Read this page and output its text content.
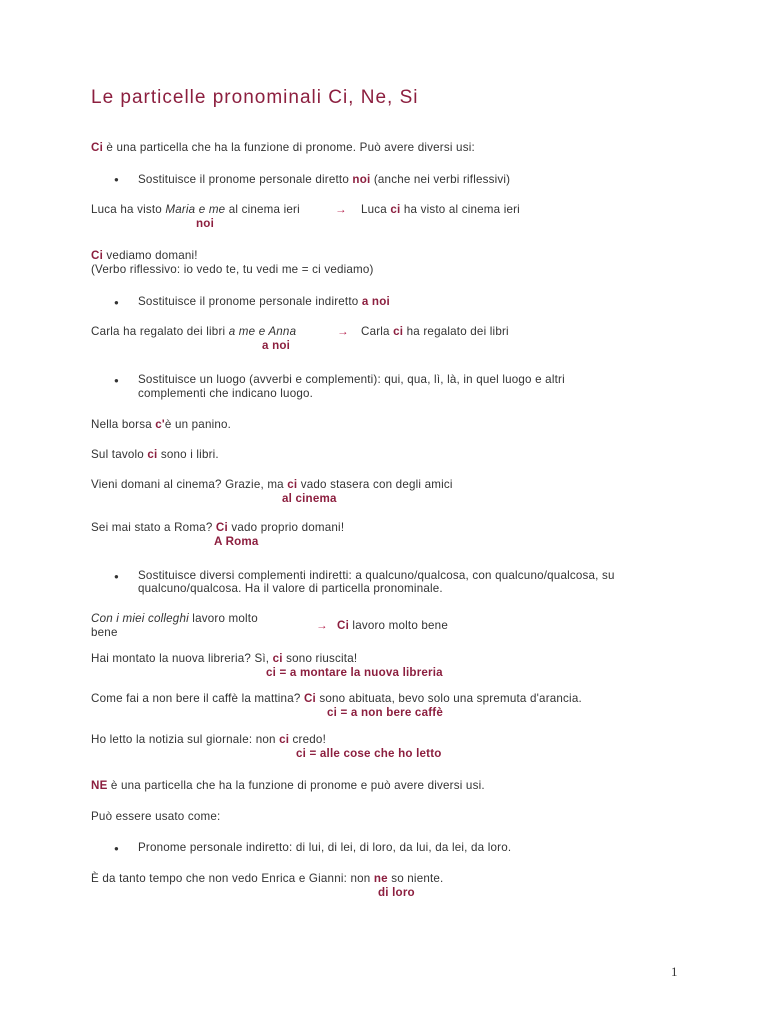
Le particelle pronominali Ci, Ne, Si
Ci è una particella che ha la funzione di pronome. Può avere diversi usi:
● Sostituisce il pronome personale diretto noi (anche nei verbi riflessivi)
Luca ha visto Maria e me al cinema ieri	→ Luca ci ha visto al cinema ieri
noi
Ci vediamo domani!
(Verbo riflessivo: io vedo te, tu vedi me = ci vediamo)
● Sostituisce il pronome personale indiretto a noi
Carla ha regalato dei libri a me e Anna	→ Carla ci ha regalato dei libri
a noi
● Sostituisce un luogo (avverbi e complementi): qui, qua, lì, là, in quel luogo e altri
complementi che indicano luogo.
Nella borsa c'è un panino.
Sul tavolo ci sono i libri.
Vieni domani al cinema? Grazie, ma ci vado stasera con degli amici
al cinema
Sei mai stato a Roma? Ci vado proprio domani!
A Roma
● Sostituisce diversi complementi indiretti: a qualcuno/qualcosa, con qualcuno/qualcosa, su
qualcuno/qualcosa. Ha il valore di particella pronominale.
Con i miei colleghi lavoro molto
bene
→ Ci lavoro molto bene
Hai montato la nuova libreria? Sì, ci sono riuscita!
ci = a montare la nuova libreria
Come fai a non bere il caffè la mattina? Ci sono abituata, bevo solo una spremuta d'arancia.
ci = a non bere caffè
Ho letto la notizia sul giornale: non ci credo!
ci = alle cose che ho letto
NE è una particella che ha la funzione di pronome e può avere diversi usi.
Può essere usato come:
● Pronome personale indiretto: di lui, di lei, di loro, da lui, da lei, da loro.
È da tanto tempo che non vedo Enrica e Gianni: non ne so niente.
di loro
1
